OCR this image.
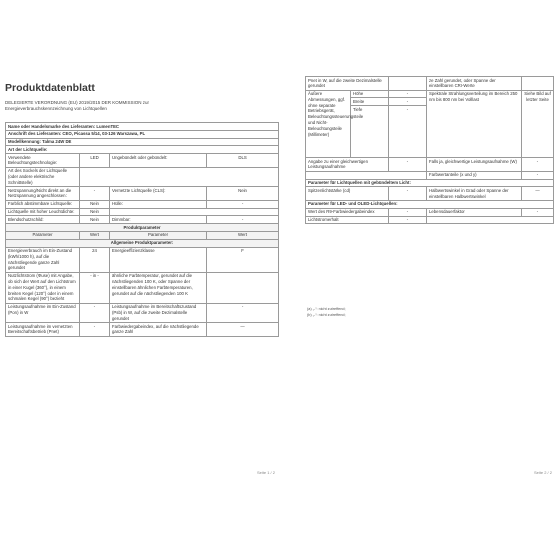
Produktdatenblatt
DELEGIERTE VERORDNUNG (EU) 2019/2015 DER KOMMISSION zur Energieverbrauchskennzeichnung von Lichtquellen
Name oder Handelsmarke des Lieferanten: LumenTEC			
Anschrift des Lieferanten: CEO, Picassa 5/14, 03-126 Warszawa, PL			
Modellkennung: Talma 24W DE			
Art der Lichtquelle:			
Verwendete Beleuchtungstechnologie:	LED	Ungebündelt oder gebündelt:	DLS
Art des Sockels der Lichtquelle (oder andere elektrische Schnittstelle)			
Netzspannung/Nicht direkt an die Netzspannung angeschlossen:	-	Vernetzte Lichtquelle (CLS):	Nein
Farblich abstimmbare Lichtquelle:	Nein	Hülle:	-
Lichtquelle mit hoher Leuchtdichte:	Nein		
Blendschutzschild:	Nein	Dimmbar:	-
Produktparameter			
Parameter	Wert	Parameter	Wert
Allgemeine Produktparameter:			
Energieverbrauch im Ein-Zustand (kWh/1000 h), auf die nächstliegende ganze Zahl gerundet	24	Energieeffizienzklasse	F
Nutzlichtstrom (Φuse) mit Angabe, ob sich der Wert auf den Lichtstrom in einer Kugel (360°), in einem breiten Kegel (120°) oder in einem schmalen Kegel (90°) bezieht	- in -	ähnliche Farbtemperatur, gerundet auf die nächstliegenden 100 K, oder Spanne der einstellbaren ähnlichen Farbtemperaturen, gerundet auf die nächstliegenden 100 K	
Leistungsaufnahme im Ein-Zustand (Pon) in W	-	Leistungsaufnahme im Bereitschaftszustand (Psb) in W, auf die zweite Dezimalstelle gerundet	-
Leistungsaufnahme im vernetzten Bereitschaftsbetrieb (Pnet)	-	Farbwiedergabeindex, auf die nächstliegende ganze Zahl	—
Seite 1 / 2
Pnet in W, auf die zweite Dezimalstelle gerundet			ze Zahl gerundet, oder Spanne der einstellbaren CRI-Werte	
Äußere Abmessungen, ggf. ohne separate Betriebsgerät, Beleuchtungssteuerungsteile und Nicht-Beleuchtungsteile (Millimeter)	Höhe	-	Spektrale Strahlungsverteilung im Bereich 250 nm bis 800 nm bei Volllast	Siehe Bild auf letzter Seite
	Breite	-		
	Tiefe	-		
Angabe zu einer gleichwertigen Leistungsaufnahme		-	Falls ja, gleichwertige Leistungsaufnahme (W)	-
			Farbwertanteile (x und y)	-
Parameter für Lichtquellen mit gebündeltem Licht:				
Spitzenlichtstärke (cd)		-	Halbwertswinkel in Grad oder Spanne der einstellbaren Halbwertswinkel	—
Parameter für LED- und OLED-Lichtquellen:				
Wert des R9-Farbwiedergabeindex		-	Lebensdauerfaktor	-
Lichtstromerhalt		-		
(a) „-“: nicht zutreffend;
(b) „-“: nicht zutreffend;
Seite 2 / 2
